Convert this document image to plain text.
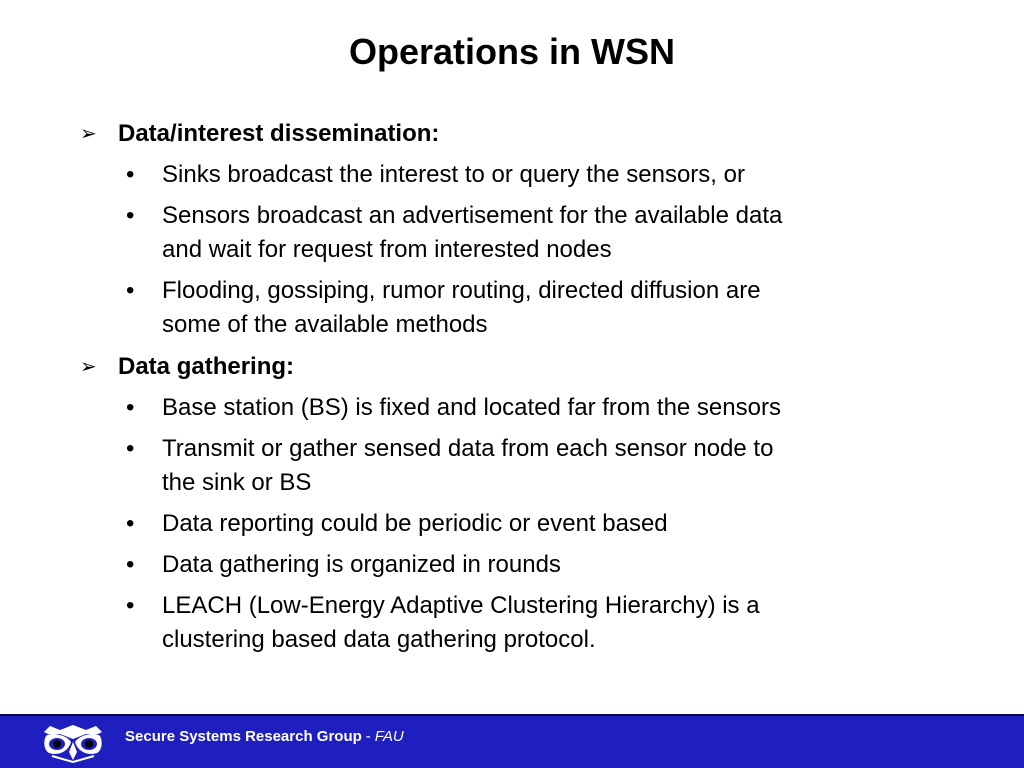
Operations in WSN
➢ Data/interest dissemination:
• Sinks broadcast the interest to or query the sensors, or
• Sensors broadcast an advertisement for the available data
and wait for request from interested nodes
• Flooding, gossiping, rumor routing, directed diffusion are
some of the available methods
➢ Data gathering:
• Base station (BS) is fixed and located far from the sensors
• Transmit or gather sensed data from each sensor node to
the sink or BS
• Data reporting could be periodic or event based
• Data gathering is organized in rounds
• LEACH (Low-Energy Adaptive Clustering Hierarchy) is a
clustering based data gathering protocol.
Secure Systems Research Group - FAU
